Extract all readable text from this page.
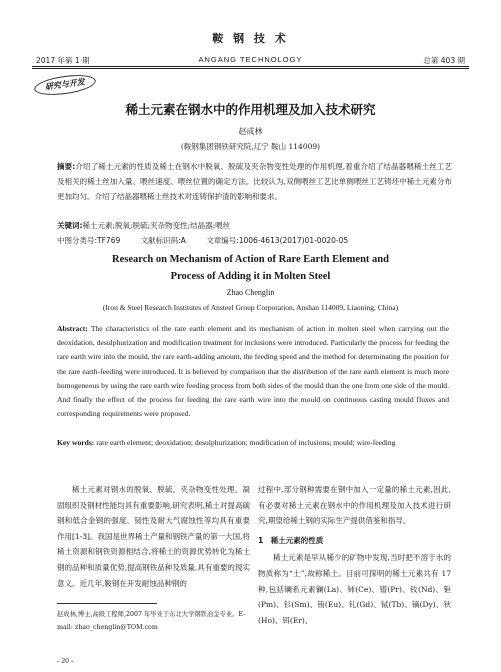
鞍 钢 技 术
2017 年第 1 期	ANGANG TECHNOLOGY	总第 403 期
研究与开发
稀土元素在钢水中的作用机理及加入技术研究
赵成林
(鞍钢集团钢铁研究院,辽宁 鞍山 114009)
摘要:介绍了稀土元素的性质及稀土在钢水中脱氧、脱硫及夹杂物变性处理的作用机理,着重介绍了结晶器喂稀土丝工艺及相关的稀土丝加入量、喂丝速度、喂丝位置的确定方法。比较认为,双侧喂丝工艺比单侧喂丝工艺铸坯中稀土元素分布更加均匀。介绍了结晶器喂稀土丝技术对连铸保护渣的影响和要求。
关键词:稀土元素;脱氧;脱硫;夹杂物变性;结晶器;喂丝
中图分类号:TF769	文献标识码:A	文章编号:1006-4613(2017)01-0020-05
Research on Mechanism of Action of Rare Earth Element and
Process of Adding it in Molten Steel
Zhao Chenglin
(Iron & Steel Research Institutes of Ansteel Group Corporation, Anshan 114009, Liaoning, China)
Abstract: The characteristics of the rare earth element and its mechanism of action in molten steel when carrying out the deoxidation, desulphurization and modification treatment for inclusions were introduced. Particularly the process for feeding the rare earth wire into the mould, the rare earth-adding amount, the feeding speed and the method for determinating the position for the rare earth-feeding were introduced. It is believed by comparison that the distribution of the rare earth element is much more homogeneous by using the rare earth wire feeding process from both sides of the mould than the one from one side of the mould. And finally the effect of the process for feeding the rare earth wire into the mould on continuous casting mould fluxes and corresponding requirements were proposed.
Key words: rare earth element; deoxidation; desulphurization; modification of inclusions; mould; wire-feeding

稀土元素对钢水的脱氧、脱硫、夹杂物变性处理、凝固组织及钢材性能均具有重要影响,研究表明,稀土对提高碳钢和低合金钢的强度、韧性及耐大气腐蚀性等均具有重要作用[1-3]。我国是世界稀土产量和钢铁产量的第一大国,将稀土资源和钢铁资源相结合,将稀土的资源优势转化为稀土钢的品种和质量优势,提高钢铁品种及质量,具有重要的现实意义。近几年,鞍钢在开发耐蚀品种钢的

过程中,部分钢种需要在钢中加入一定量的稀土元素,因此,有必要对稀土元素在钢水中的作用机理及加入技术进行研究,期望给稀土钢的实际生产提供借鉴和指导。

1　稀土元素的性质

稀土元素是早从稀少的矿物中发现,当时把不溶于水的物质称为“土”,故称稀土。目前可探明的稀土元素共有 17 种,包括镧系元素镧(La)、铈(Ce)、镨(Pr)、钕(Nd)、钷(Pm)、钐(Sm)、铕(Eu)、钆(Gd)、铽(Tb)、镝(Dy)、钬(Ho)、铒(Er)、

赵成林,博士,高级工程师,2007 年毕业于东北大学钢铁冶金专业。E-mail: zhao_chenglin@TOM.com
- 20 -
